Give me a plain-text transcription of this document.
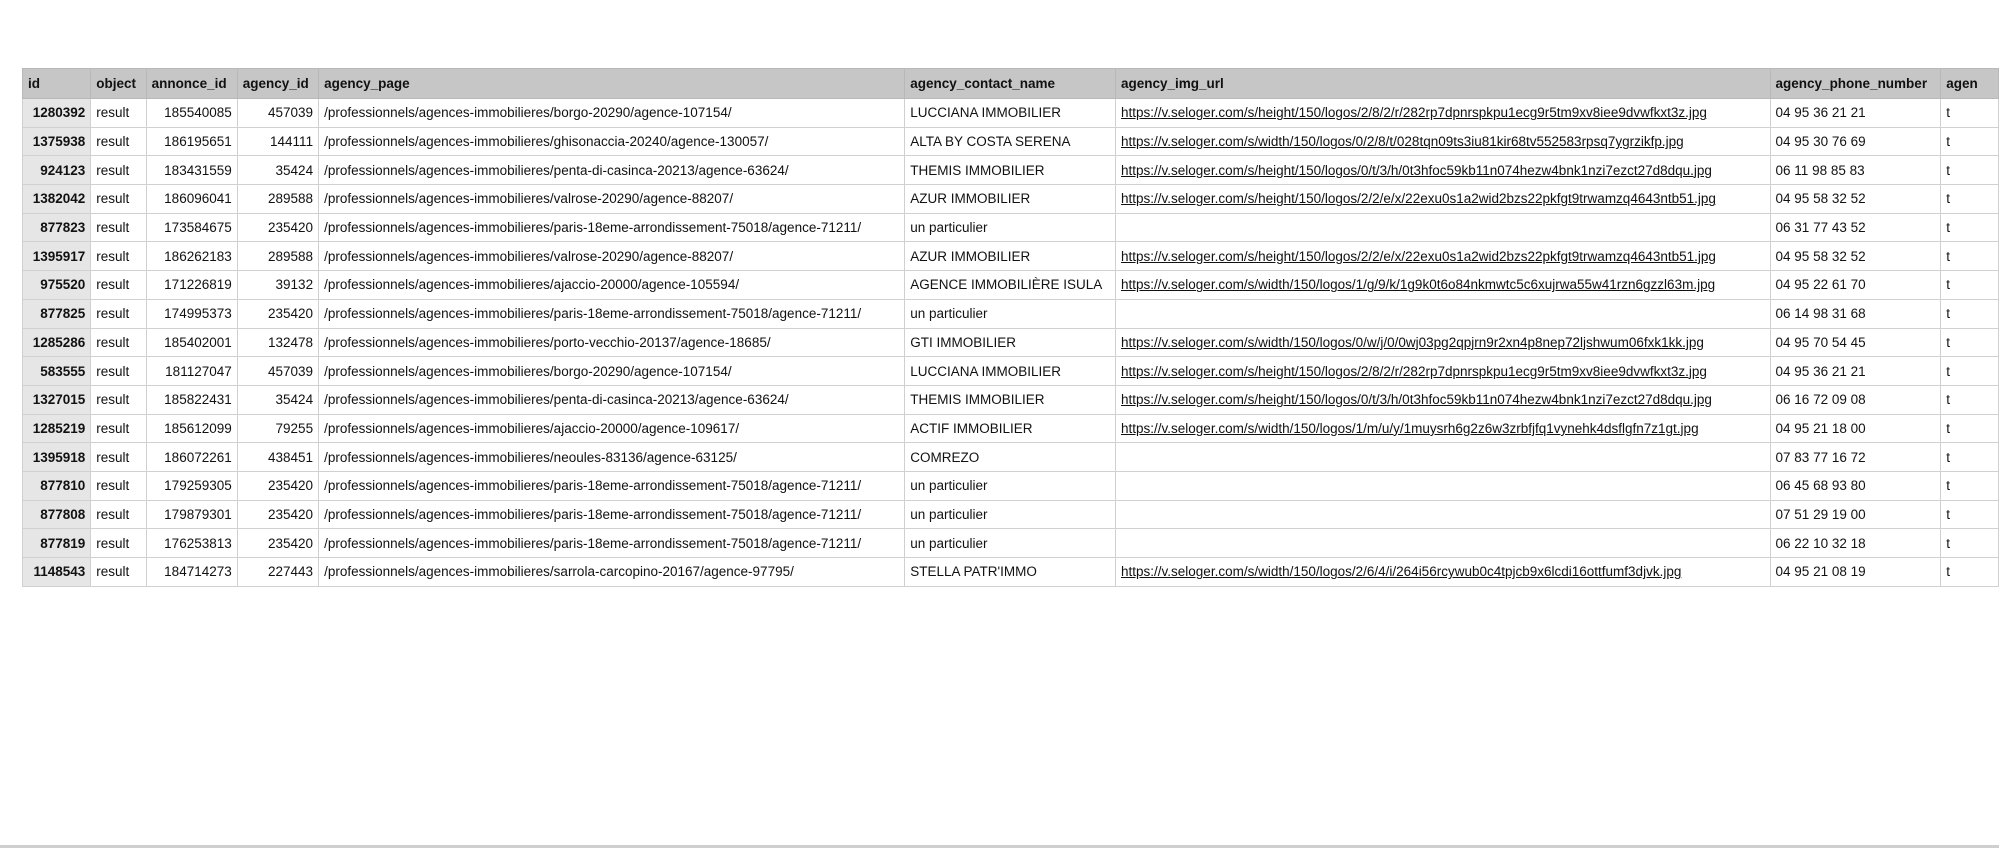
id	object	annonce_id	agency_id	agency_page	agency_contact_name	agency_img_url	agency_phone_number	agen
1280392	result	185540085	457039	/professionnels/agences-immobilieres/borgo-20290/agence-107154/	LUCCIANA IMMOBILIER	https://v.seloger.com/s/height/150/logos/2/8/2/r/282rp7dpnrspkpu1ecg9r5tm9xv8iee9dvwfkxt3z.jpg	04 95 36 21 21	t
1375938	result	186195651	144111	/professionnels/agences-immobilieres/ghisonaccia-20240/agence-130057/	ALTA BY COSTA SERENA	https://v.seloger.com/s/width/150/logos/0/2/8/t/028tqn09ts3iu81kir68tv552583rpsq7ygrzikfp.jpg	04 95 30 76 69	t
924123	result	183431559	35424	/professionnels/agences-immobilieres/penta-di-casinca-20213/agence-63624/	THEMIS IMMOBILIER	https://v.seloger.com/s/height/150/logos/0/t/3/h/0t3hfoc59kb11n074hezw4bnk1nzi7ezct27d8dqu.jpg	06 11 98 85 83	t
1382042	result	186096041	289588	/professionnels/agences-immobilieres/valrose-20290/agence-88207/	AZUR IMMOBILIER	https://v.seloger.com/s/height/150/logos/2/2/e/x/22exu0s1a2wid2bzs22pkfgt9trwamzq4643ntb51.jpg	04 95 58 32 52	t
877823	result	173584675	235420	/professionnels/agences-immobilieres/paris-18eme-arrondissement-75018/agence-71211/	un particulier		06 31 77 43 52	t
1395917	result	186262183	289588	/professionnels/agences-immobilieres/valrose-20290/agence-88207/	AZUR IMMOBILIER	https://v.seloger.com/s/height/150/logos/2/2/e/x/22exu0s1a2wid2bzs22pkfgt9trwamzq4643ntb51.jpg	04 95 58 32 52	t
975520	result	171226819	39132	/professionnels/agences-immobilieres/ajaccio-20000/agence-105594/	AGENCE IMMOBILIÈRE ISULA	https://v.seloger.com/s/width/150/logos/1/g/9/k/1g9k0t6o84nkmwtc5c6xujrwa55w41rzn6gzzl63m.jpg	04 95 22 61 70	t
877825	result	174995373	235420	/professionnels/agences-immobilieres/paris-18eme-arrondissement-75018/agence-71211/	un particulier		06 14 98 31 68	t
1285286	result	185402001	132478	/professionnels/agences-immobilieres/porto-vecchio-20137/agence-18685/	GTI IMMOBILIER	https://v.seloger.com/s/width/150/logos/0/w/j/0/0wj03pg2qpjrn9r2xn4p8nep72ljshwum06fxk1kk.jpg	04 95 70 54 45	t
583555	result	181127047	457039	/professionnels/agences-immobilieres/borgo-20290/agence-107154/	LUCCIANA IMMOBILIER	https://v.seloger.com/s/height/150/logos/2/8/2/r/282rp7dpnrspkpu1ecg9r5tm9xv8iee9dvwfkxt3z.jpg	04 95 36 21 21	t
1327015	result	185822431	35424	/professionnels/agences-immobilieres/penta-di-casinca-20213/agence-63624/	THEMIS IMMOBILIER	https://v.seloger.com/s/height/150/logos/0/t/3/h/0t3hfoc59kb11n074hezw4bnk1nzi7ezct27d8dqu.jpg	06 16 72 09 08	t
1285219	result	185612099	79255	/professionnels/agences-immobilieres/ajaccio-20000/agence-109617/	ACTIF IMMOBILIER	https://v.seloger.com/s/width/150/logos/1/m/u/y/1muysrh6g2z6w3zrbfjfq1vynehk4dsflgfn7z1gt.jpg	04 95 21 18 00	t
1395918	result	186072261	438451	/professionnels/agences-immobilieres/neoules-83136/agence-63125/	COMREZO		07 83 77 16 72	t
877810	result	179259305	235420	/professionnels/agences-immobilieres/paris-18eme-arrondissement-75018/agence-71211/	un particulier		06 45 68 93 80	t
877808	result	179879301	235420	/professionnels/agences-immobilieres/paris-18eme-arrondissement-75018/agence-71211/	un particulier		07 51 29 19 00	t
877819	result	176253813	235420	/professionnels/agences-immobilieres/paris-18eme-arrondissement-75018/agence-71211/	un particulier		06 22 10 32 18	t
1148543	result	184714273	227443	/professionnels/agences-immobilieres/sarrola-carcopino-20167/agence-97795/	STELLA PATR'IMMO	https://v.seloger.com/s/width/150/logos/2/6/4/i/264i56rcywub0c4tpjcb9x6lcdi16ottfumf3djvk.jpg	04 95 21 08 19	t
